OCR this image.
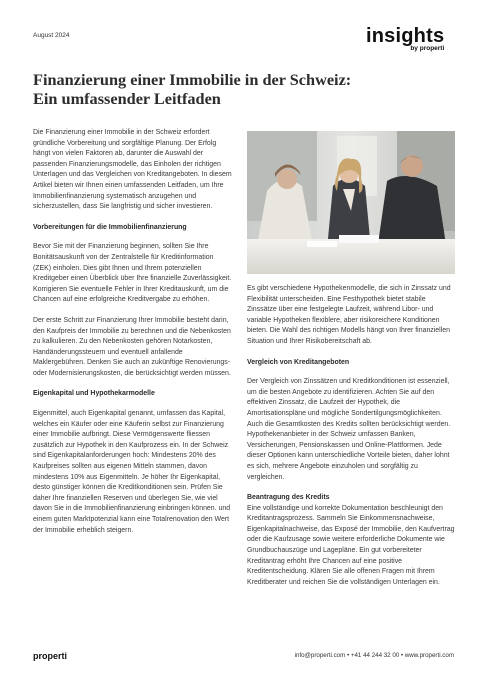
August 2024	insights
by properti
Finanzierung einer Immobilie in der Schweiz:
Ein umfassender Leitfaden

Die Finanzierung einer Immobilie in der Schweiz erfordert gründliche Vorbereitung und sorgfältige Planung. Der Erfolg hängt von vielen Faktoren ab, darunter die Auswahl der passenden Finanzierungsmodelle, das Einholen der richtigen Unterlagen und das Vergleichen von Kreditangeboten. In diesem Artikel bieten wir Ihnen einen umfassenden Leitfaden, um Ihre Immobilienfinanzierung systematisch anzugehen und sicherzustellen, dass Sie langfristig und sicher investieren.

Vorbereitungen für die Immobilienfinanzierung

Bevor Sie mit der Finanzierung beginnen, sollten Sie Ihre Bonitätsauskunft von der Zentralstelle für Kreditinformation (ZEK) einholen. Dies gibt Ihnen und Ihrem potenziellen Kreditgeber einen Überblick über Ihre finanzielle Zuverlässigkeit. Korrigieren Sie eventuelle Fehler in Ihrer Kreditauskunft, um die Chancen auf eine erfolgreiche Kreditvergabe zu erhöhen.

Der erste Schritt zur Finanzierung Ihrer Immobilie besteht darin, den Kaufpreis der Immobilie zu berechnen und die Nebenkosten zu kalkulieren. Zu den Nebenkosten gehören Notarkosten, Handänderungssteuern und eventuell anfallende Maklergebühren. Denken Sie auch an zukünftige Renovierungs- oder Modernisierungskosten, die berücksichtigt werden müssen.

Eigenkapital und Hypothekarmodelle

Eigenmittel, auch Eigenkapital genannt, umfassen das Kapital, welches ein Käufer oder eine Käuferin selbst zur Finanzierung einer Immobilie aufbringt. Diese Vermögenswerte fliessen zusätzlich zur Hypothek in den Kaufprozess ein. In der Schweiz sind Eigenkapitalanforderungen hoch: Mindestens 20% des Kaufpreises sollten aus eigenen Mitteln stammen, davon mindestens 10% aus Eigenmitteln. Je höher Ihr Eigenkapital, desto günstiger können die Kreditkonditionen sein. Prüfen Sie daher Ihre finanziellen Reserven und überlegen Sie, wie viel davon Sie in die Immobilienfinanzierung einbringen können. und einem guten Marktpotenzial kann eine Totalrenovation den Wert der Immobilie erheblich steigern.

Es gibt verschiedene Hypothekenmodelle, die sich in Zinssatz und Flexibilität unterscheiden. Eine Festhypothek bietet stabile Zinssätze über eine festgelegte Laufzeit, während Libor- und variable Hypotheken flexiblere, aber risikoreichere Konditionen bieten. Die Wahl des richtigen Modells hängt von Ihrer finanziellen Situation und Ihrer Risikobereitschaft ab.

Vergleich von Kreditangeboten

Der Vergleich von Zinssätzen und Kreditkonditionen ist essenziell, um die besten Angebote zu identifizieren. Achten Sie auf den effektiven Zinssatz, die Laufzeit der Hypothek, die Amortisationspläne und mögliche Sondertilgungsmöglichkeiten. Auch die Gesamtkosten des Kredits sollten berücksichtigt werden. Hypothekenanbieter in der Schweiz umfassen Banken, Versicherungen, Pensionskassen und Online-Plattformen. Jede dieser Optionen kann unterschiedliche Vorteile bieten, daher lohnt es sich, mehrere Angebote einzuholen und sorgfältig zu vergleichen.

Beantragung des Kredits

Eine vollständige und korrekte Dokumentation beschleunigt den Kreditantragsprozess. Sammeln Sie Einkommensnachweise, Eigenkapitalnachweise, das Exposé der Immobilie, den Kaufvertrag oder die Kaufzusage sowie weitere erforderliche Dokumente wie Grundbuchauszüge und Lagepläne. Ein gut vorbereiteter Kreditantrag erhöht Ihre Chancen auf eine positive Kreditentscheidung. Klären Sie alle offenen Fragen mit Ihrem Kreditberater und reichen Sie die vollständigen Unterlagen ein.

properti	info@properti.com • +41 44 244 32 00 • www.properti.com
